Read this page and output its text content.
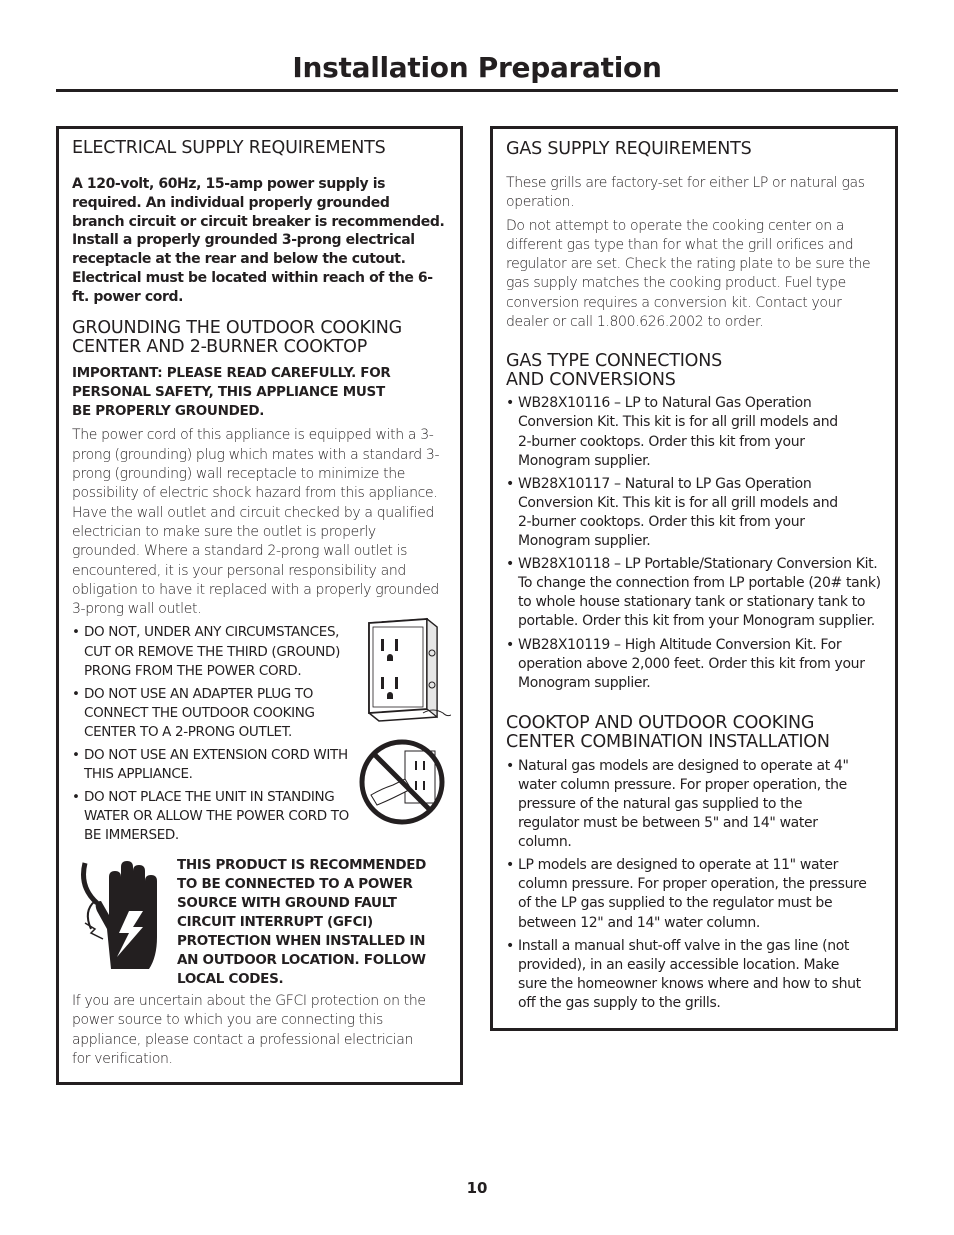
Installation Preparation
ELECTRICAL SUPPLY REQUIREMENTS

A 120-volt, 60Hz, 15-amp power supply is required. An individual properly grounded branch circuit or circuit breaker is recommended. Install a properly grounded 3-prong electrical receptacle at the rear and below the cutout. Electrical must be located within reach of the 6-ft. power cord.

GROUNDING THE OUTDOOR COOKING
CENTER AND 2-BURNER COOKTOP

IMPORTANT: PLEASE READ CAREFULLY. FOR PERSONAL SAFETY, THIS APPLIANCE MUST BE PROPERLY GROUNDED.

The power cord of this appliance is equipped with a 3-prong (grounding) plug which mates with a standard 3-prong (grounding) wall receptacle to minimize the possibility of electric shock hazard from this appliance. Have the wall outlet and circuit checked by a qualified electrician to make sure the outlet is properly grounded. Where a standard 2-prong wall outlet is encountered, it is your personal responsibility and obligation to have it replaced with a properly grounded 3-prong wall outlet.

• DO NOT, UNDER ANY CIRCUMSTANCES, CUT OR REMOVE THE THIRD (GROUND) PRONG FROM THE POWER CORD.
• DO NOT USE AN ADAPTER PLUG TO CONNECT THE OUTDOOR COOKING CENTER TO A 2-PRONG OUTLET.
• DO NOT USE AN EXTENSION CORD WITH THIS APPLIANCE.
• DO NOT PLACE THE UNIT IN STANDING WATER OR ALLOW THE POWER CORD TO BE IMMERSED.

THIS PRODUCT IS RECOMMENDED TO BE CONNECTED TO A POWER SOURCE WITH GROUND FAULT CIRCUIT INTERRUPT (GFCI) PROTECTION WHEN INSTALLED IN AN OUTDOOR LOCATION. FOLLOW LOCAL CODES.

If you are uncertain about the GFCI protection on the power source to which you are connecting this appliance, please contact a professional electrician for verification.

GAS SUPPLY REQUIREMENTS

These grills are factory-set for either LP or natural gas operation.

Do not attempt to operate the cooking center on a different gas type than for what the grill orifices and regulator are set. Check the rating plate to be sure the gas supply matches the cooking product. Fuel type conversion requires a conversion kit. Contact your dealer or call 1.800.626.2002 to order.

GAS TYPE CONNECTIONS
AND CONVERSIONS
• WB28X10116 – LP to Natural Gas Operation Conversion Kit. This kit is for all grill models and 2-burner cooktops. Order this kit from your Monogram supplier.
• WB28X10117 – Natural to LP Gas Operation Conversion Kit. This kit is for all grill models and 2-burner cooktops. Order this kit from your Monogram supplier.
• WB28X10118 – LP Portable/Stationary Conversion Kit. To change the connection from LP portable (20# tank) to whole house stationary tank or stationary tank to portable. Order this kit from your Monogram supplier.
• WB28X10119 – High Altitude Conversion Kit. For operation above 2,000 feet. Order this kit from your Monogram supplier.
COOKTOP AND OUTDOOR COOKING
CENTER COMBINATION INSTALLATION
• Natural gas models are designed to operate at 4" water column pressure. For proper operation, the pressure of the natural gas supplied to the regulator must be between 5" and 14" water column.
• LP models are designed to operate at 11" water column pressure. For proper operation, the pressure of the LP gas supplied to the regulator must be between 12" and 14" water column.
• Install a manual shut-off valve in the gas line (not provided), in an easily accessible location. Make sure the homeowner knows where and how to shut off the gas supply to the grills.
10
